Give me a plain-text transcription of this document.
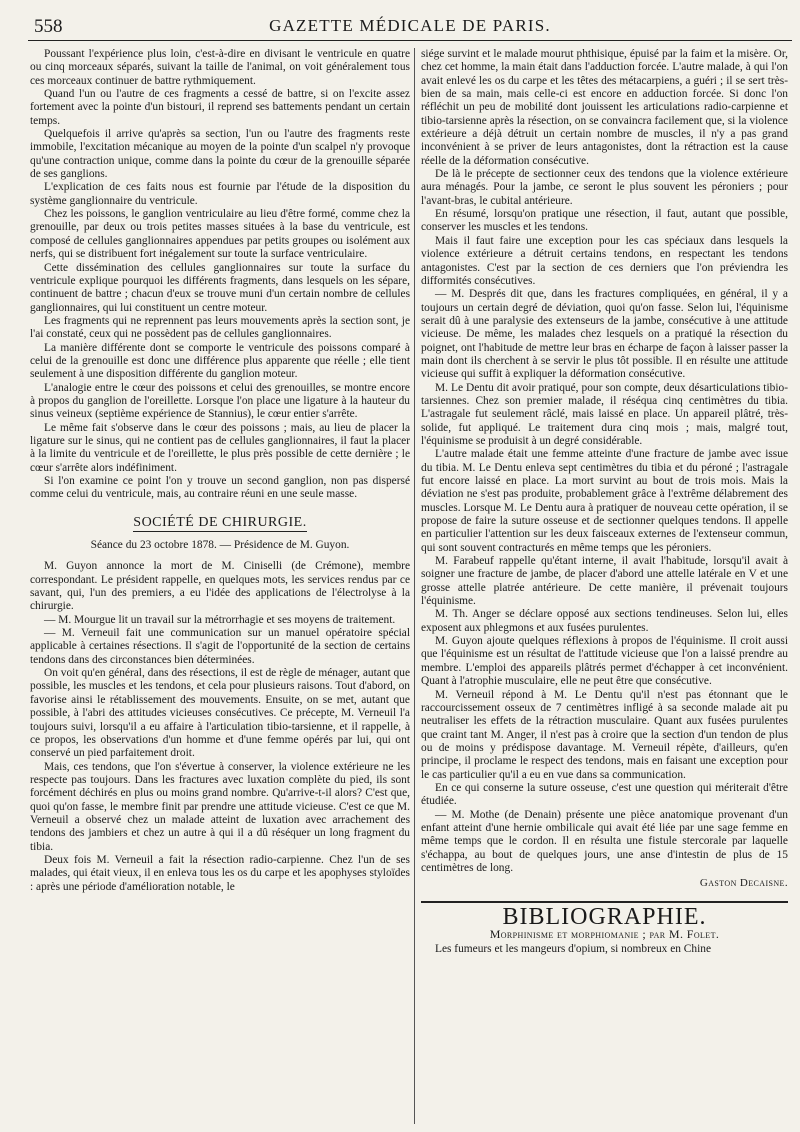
558	GAZETTE MÉDICALE DE PARIS.

Poussant l'expérience plus loin, c'est-à-dire en divisant le ventricule en quatre ou cinq morceaux séparés, suivant la taille de l'animal, on voit généralement tous ces morceaux continuer de battre rythmiquement.

Quand l'un ou l'autre de ces fragments a cessé de battre, si on l'excite assez fortement avec la pointe d'un bistouri, il reprend ses battements pendant un certain temps.

Quelquefois il arrive qu'après sa section, l'un ou l'autre des fragments reste immobile, l'excitation mécanique au moyen de la pointe d'un scalpel n'y provoque qu'une contraction unique, comme dans la pointe du cœur de la grenouille séparée de ses ganglions.

L'explication de ces faits nous est fournie par l'étude de la disposition du système ganglionnaire du ventricule.

Chez les poissons, le ganglion ventriculaire au lieu d'être formé, comme chez la grenouille, par deux ou trois petites masses situées à la base du ventricule, est composé de cellules ganglionnaires appendues par petits groupes ou isolément aux nerfs, qui se distribuent fort inégalement sur toute la surface ventriculaire.

Cette dissémination des cellules ganglionnaires sur toute la surface du ventricule explique pourquoi les différents fragments, dans lesquels on les sépare, continuent de battre ; chacun d'eux se trouve muni d'un certain nombre de cellules ganglionnaires, qui lui constituent un centre moteur.

Les fragments qui ne reprennent pas leurs mouvements après la section sont, je l'ai constaté, ceux qui ne possèdent pas de cellules ganglionnaires.

La manière différente dont se comporte le ventricule des poissons comparé à celui de la grenouille est donc une différence plus apparente que réelle ; elle tient seulement à une disposition différente du ganglion moteur.

L'analogie entre le cœur des poissons et celui des grenouilles, se montre encore à propos du ganglion de l'oreillette. Lorsque l'on place une ligature à la hauteur du sinus veineux (septième expérience de Stannius), le cœur entier s'arrête.

Le même fait s'observe dans le cœur des poissons ; mais, au lieu de placer la ligature sur le sinus, qui ne contient pas de cellules ganglionnaires, il faut la placer à la limite du ventricule et de l'oreillette, le plus près possible de cette dernière ; le cœur s'arrête alors indéfiniment.

Si l'on examine ce point l'on y trouve un second ganglion, non pas dispersé comme celui du ventricule, mais, au contraire réuni en une seule masse.

SOCIÉTÉ DE CHIRURGIE.
Séance du 23 octobre 1878. — Présidence de M. Guyon.

M. Guyon annonce la mort de M. Ciniselli (de Crémone), membre correspondant. Le président rappelle, en quelques mots, les services rendus par ce savant, qui, l'un des premiers, a eu l'idée des applications de l'électrolyse à la chirurgie.

— M. Mourgue lit un travail sur la métrorrhagie et ses moyens de traitement.

— M. Verneuil fait une communication sur un manuel opératoire spécial applicable à certaines résections. Il s'agit de l'opportunité de la section de certains tendons dans des circonstances bien déterminées.

On voit qu'en général, dans des résections, il est de règle de ménager, autant que possible, les muscles et les tendons, et cela pour plusieurs raisons. Tout d'abord, on favorise ainsi le rétablissement des mouvements. Ensuite, on se met, autant que possible, à l'abri des attitudes vicieuses consécutives. Ce précepte, M. Verneuil l'a toujours suivi, lorsqu'il a eu affaire à l'articulation tibio-tarsienne, et il rappelle, à ce propos, les observations d'un homme et d'une femme opérés par lui, qui ont conservé un pied parfaitement droit.

Mais, ces tendons, que l'on s'évertue à conserver, la violence extérieure ne les respecte pas toujours. Dans les fractures avec luxation complète du pied, ils sont forcément déchirés en plus ou moins grand nombre. Qu'arrive-t-il alors? C'est que, quoi qu'on fasse, le membre finit par prendre une attitude vicieuse. C'est ce que M. Verneuil a observé chez un malade atteint de luxation avec arrachement des tendons des jambiers et chez un autre à qui il a dû réséquer un long fragment du tibia.

Deux fois M. Verneuil a fait la résection radio-carpienne. Chez l'un de ses malades, qui était vieux, il en enleva tous les os du carpe et les apophyses styloïdes : après une période d'amélioration notable, le

siége survint et le malade mourut phthisique, épuisé par la faim et la misère. Or, chez cet homme, la main était dans l'adduction forcée. L'autre malade, à qui l'on avait enlevé les os du carpe et les têtes des métacarpiens, a guéri ; il se sert très-bien de sa main, mais celle-ci est encore en adduction forcée. Si donc l'on réfléchit un peu de mobilité dont jouissent les articulations radio-carpienne et tibio-tarsienne après la résection, on se convaincra facilement que, si la violence extérieure a déjà détruit un certain nombre de muscles, il n'y a pas grand inconvénient à se priver de leurs antagonistes, dont la rétraction est la cause réelle de la déformation consécutive.

De là le précepte de sectionner ceux des tendons que la violence extérieure aura ménagés. Pour la jambe, ce seront le plus souvent les péroniers ; pour l'avant-bras, le cubital antérieure.

En résumé, lorsqu'on pratique une résection, il faut, autant que possible, conserver les muscles et les tendons.

Mais il faut faire une exception pour les cas spéciaux dans lesquels la violence extérieure a détruit certains tendons, en respectant les tendons antagonistes. C'est par la section de ces derniers que l'on préviendra les difformités consécutives.

— M. Després dit que, dans les fractures compliquées, en général, il y a toujours un certain degré de déviation, quoi qu'on fasse. Selon lui, l'équinisme serait dû à une paralysie des extenseurs de la jambe, consécutive à une attitude vicieuse. De même, les malades chez lesquels on a pratiqué la résection du poignet, ont l'habitude de mettre leur bras en écharpe de façon à laisser passer la main dont ils cherchent à se servir le plus tôt possible. Il en résulte une attitude vicieuse qui suffit à expliquer la déformation consécutive.

M. Le Dentu dit avoir pratiqué, pour son compte, deux désarticulations tibio-tarsiennes. Chez son premier malade, il réséqua cinq centimètres du tibia. L'astragale fut seulement râclé, mais laissé en place. Un appareil plâtré, très-solide, fut appliqué. Le traitement dura cinq mois ; mais, malgré tout, l'équinisme se produisit à un degré considérable.

L'autre malade était une femme atteinte d'une fracture de jambe avec issue du tibia. M. Le Dentu enleva sept centimètres du tibia et du péroné ; l'astragale fut encore laissé en place. La mort survint au bout de trois mois. Mais la déviation ne s'est pas produite, probablement grâce à l'extrême délabrement des muscles. Lorsque M. Le Dentu aura à pratiquer de nouveau cette opération, il se propose de faire la suture osseuse et de sectionner quelques tendons. Il appelle en particulier l'attention sur les deux faisceaux externes de l'extenseur commun, qui sont souvent contracturés en même temps que les péroniers.

M. Farabeuf rappelle qu'étant interne, il avait l'habitude, lorsqu'il avait à soigner une fracture de jambe, de placer d'abord une attelle latérale en V et une grosse attelle platrée antérieure. De cette manière, il prévenait toujours l'équinisme.

M. Th. Anger se déclare opposé aux sections tendineuses. Selon lui, elles exposent aux phlegmons et aux fusées purulentes.

M. Guyon ajoute quelques réflexions à propos de l'équinisme. Il croit aussi que l'équinisme est un résultat de l'attitude vicieuse que l'on a laissé prendre au membre. L'emploi des appareils plâtrés permet d'échapper à cet inconvénient. Quant à l'atrophie musculaire, elle ne peut être que consécutive.

M. Verneuil répond à M. Le Dentu qu'il n'est pas étonnant que le raccourcissement osseux de 7 centimètres infligé à sa seconde malade ait pu neutraliser les effets de la rétraction musculaire. Quant aux fusées purulentes que craint tant M. Anger, il n'est pas à croire que la section d'un tendon de plus ou de moins y prédispose davantage. M. Verneuil répète, d'ailleurs, qu'en principe, il proclame le respect des tendons, mais en faisant une exception pour le cas particulier qu'il a eu en vue dans sa communication.

En ce qui conserne la suture osseuse, c'est une question qui mériterait d'être étudiée.

— M. Mothe (de Denain) présente une pièce anatomique provenant d'un enfant atteint d'une hernie ombilicale qui avait été liée par une sage femme en même temps que le cordon. Il en résulta une fistule stercorale par laquelle s'échappa, au bout de quelques jours, une anse d'intestin de plus de 15 centimètres de long.

Gaston Decaisne.
BIBLIOGRAPHIE.
Morphinisme et morphiomanie ; par M. Folet.

Les fumeurs et les mangeurs d'opium, si nombreux en Chine
